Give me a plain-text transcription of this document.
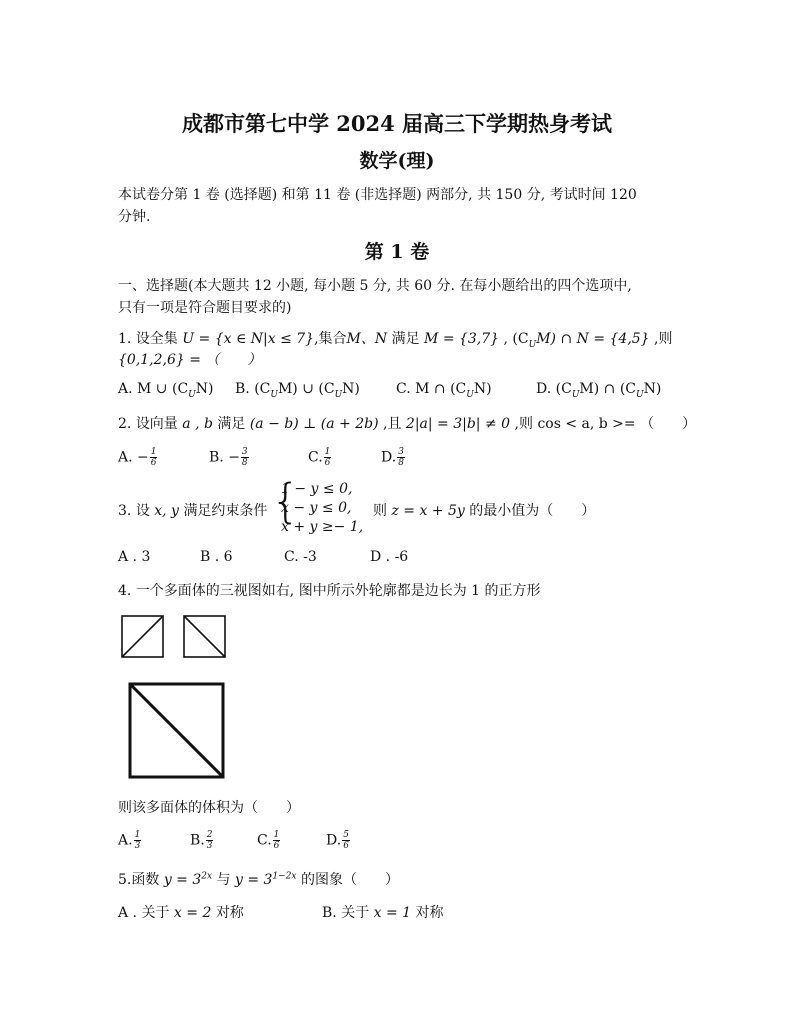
成都市第七中学 2024 届高三下学期热身考试
数学(理)
本试卷分第 1 卷 (选择题) 和第 11 卷 (非选择题) 两部分, 共 150 分, 考试时间 120
分钟.
第 1 卷
一、选择题(本大题共 12 小题, 每小题 5 分, 共 60 分. 在每小题给出的四个选项中,
只有一项是符合题目要求的)
1. 设全集 U = {x ∈ N|x ≤ 7},集合M、N 满足 M = {3,7} , $(C_UM)$ ∩ N = {4,5} ,则
{0,1,2,6} = （　　）
A. M ∪ $(C_UN)$ B. $(C_UM)$ ∪ $(C_UN)$	C. M ∩ $(C_UN)$	D. $(C_UM)$ ∩ $(C_UN)$
2. 设向量 a , b 满足 (a − b) ⊥ (a + 2b) ,且 2|a| = 3|b| ≠ 0 ,则 cos < a, b >= （　　）
A. − $\frac{1}{6}$	B. − $\frac{3}{8}$	C. $\frac{1}{6}$	D. $\frac{3}{8}$
3. 设 x, y 满足约束条件 {
1 − y ≤ 0,
x − y ≤ 0,
x + y ≥− 1,
则 z = x + 5y 的最小值为（　　）
A . 3	B . 6	C. -3	D . -6
4. 一个多面体的三视图如右, 图中所示外轮廓都是边长为 1 的正方形
则该多面体的体积为（　　）
A. $\frac{1}{3}$	B. $\frac{2}{3}$	C. $\frac{1}{6}$	D. $\frac{5}{6}$
5.函数 $y = 3^{2x}$ 与 $y = 3^{1-2x}$ 的图象（　　）
A . 关于 x = 2 对称	B. 关于 x = 1 对称
